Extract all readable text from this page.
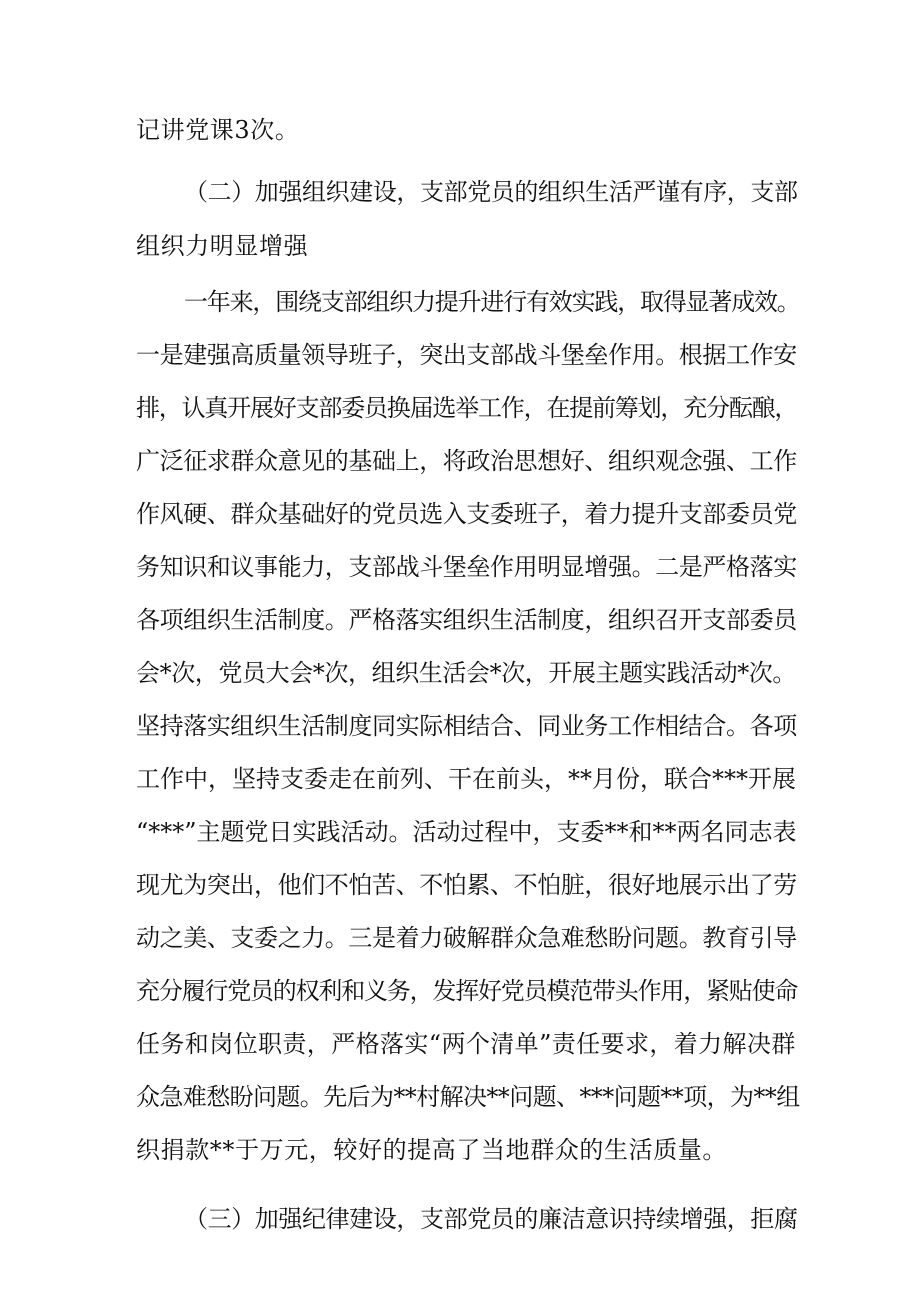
记讲党课3次。
（二）加强组织建设，支部党员的组织生活严谨有序，支部
组织力明显增强
一年来，围绕支部组织力提升进行有效实践，取得显著成效。
一是建强高质量领导班子，突出支部战斗堡垒作用。根据工作安
排，认真开展好支部委员换届选举工作，在提前筹划，充分酝酿，
广泛征求群众意见的基础上，将政治思想好、组织观念强、工作
作风硬、群众基础好的党员选入支委班子，着力提升支部委员党
务知识和议事能力，支部战斗堡垒作用明显增强。二是严格落实
各项组织生活制度。严格落实组织生活制度，组织召开支部委员
会*次，党员大会*次，组织生活会*次，开展主题实践活动*次。
坚持落实组织生活制度同实际相结合、同业务工作相结合。各项
工作中，坚持支委走在前列、干在前头，**月份，联合***开展
“***”主题党日实践活动。活动过程中，支委**和**两名同志表
现尤为突出，他们不怕苦、不怕累、不怕脏，很好地展示出了劳
动之美、支委之力。三是着力破解群众急难愁盼问题。教育引导
充分履行党员的权利和义务，发挥好党员模范带头作用，紧贴使命
任务和岗位职责，严格落实“两个清单”责任要求，着力解决群
众急难愁盼问题。先后为**村解决**问题、***问题**项，为**组
织捐款**于万元，较好的提高了当地群众的生活质量。
（三）加强纪律建设，支部党员的廉洁意识持续增强，拒腐
